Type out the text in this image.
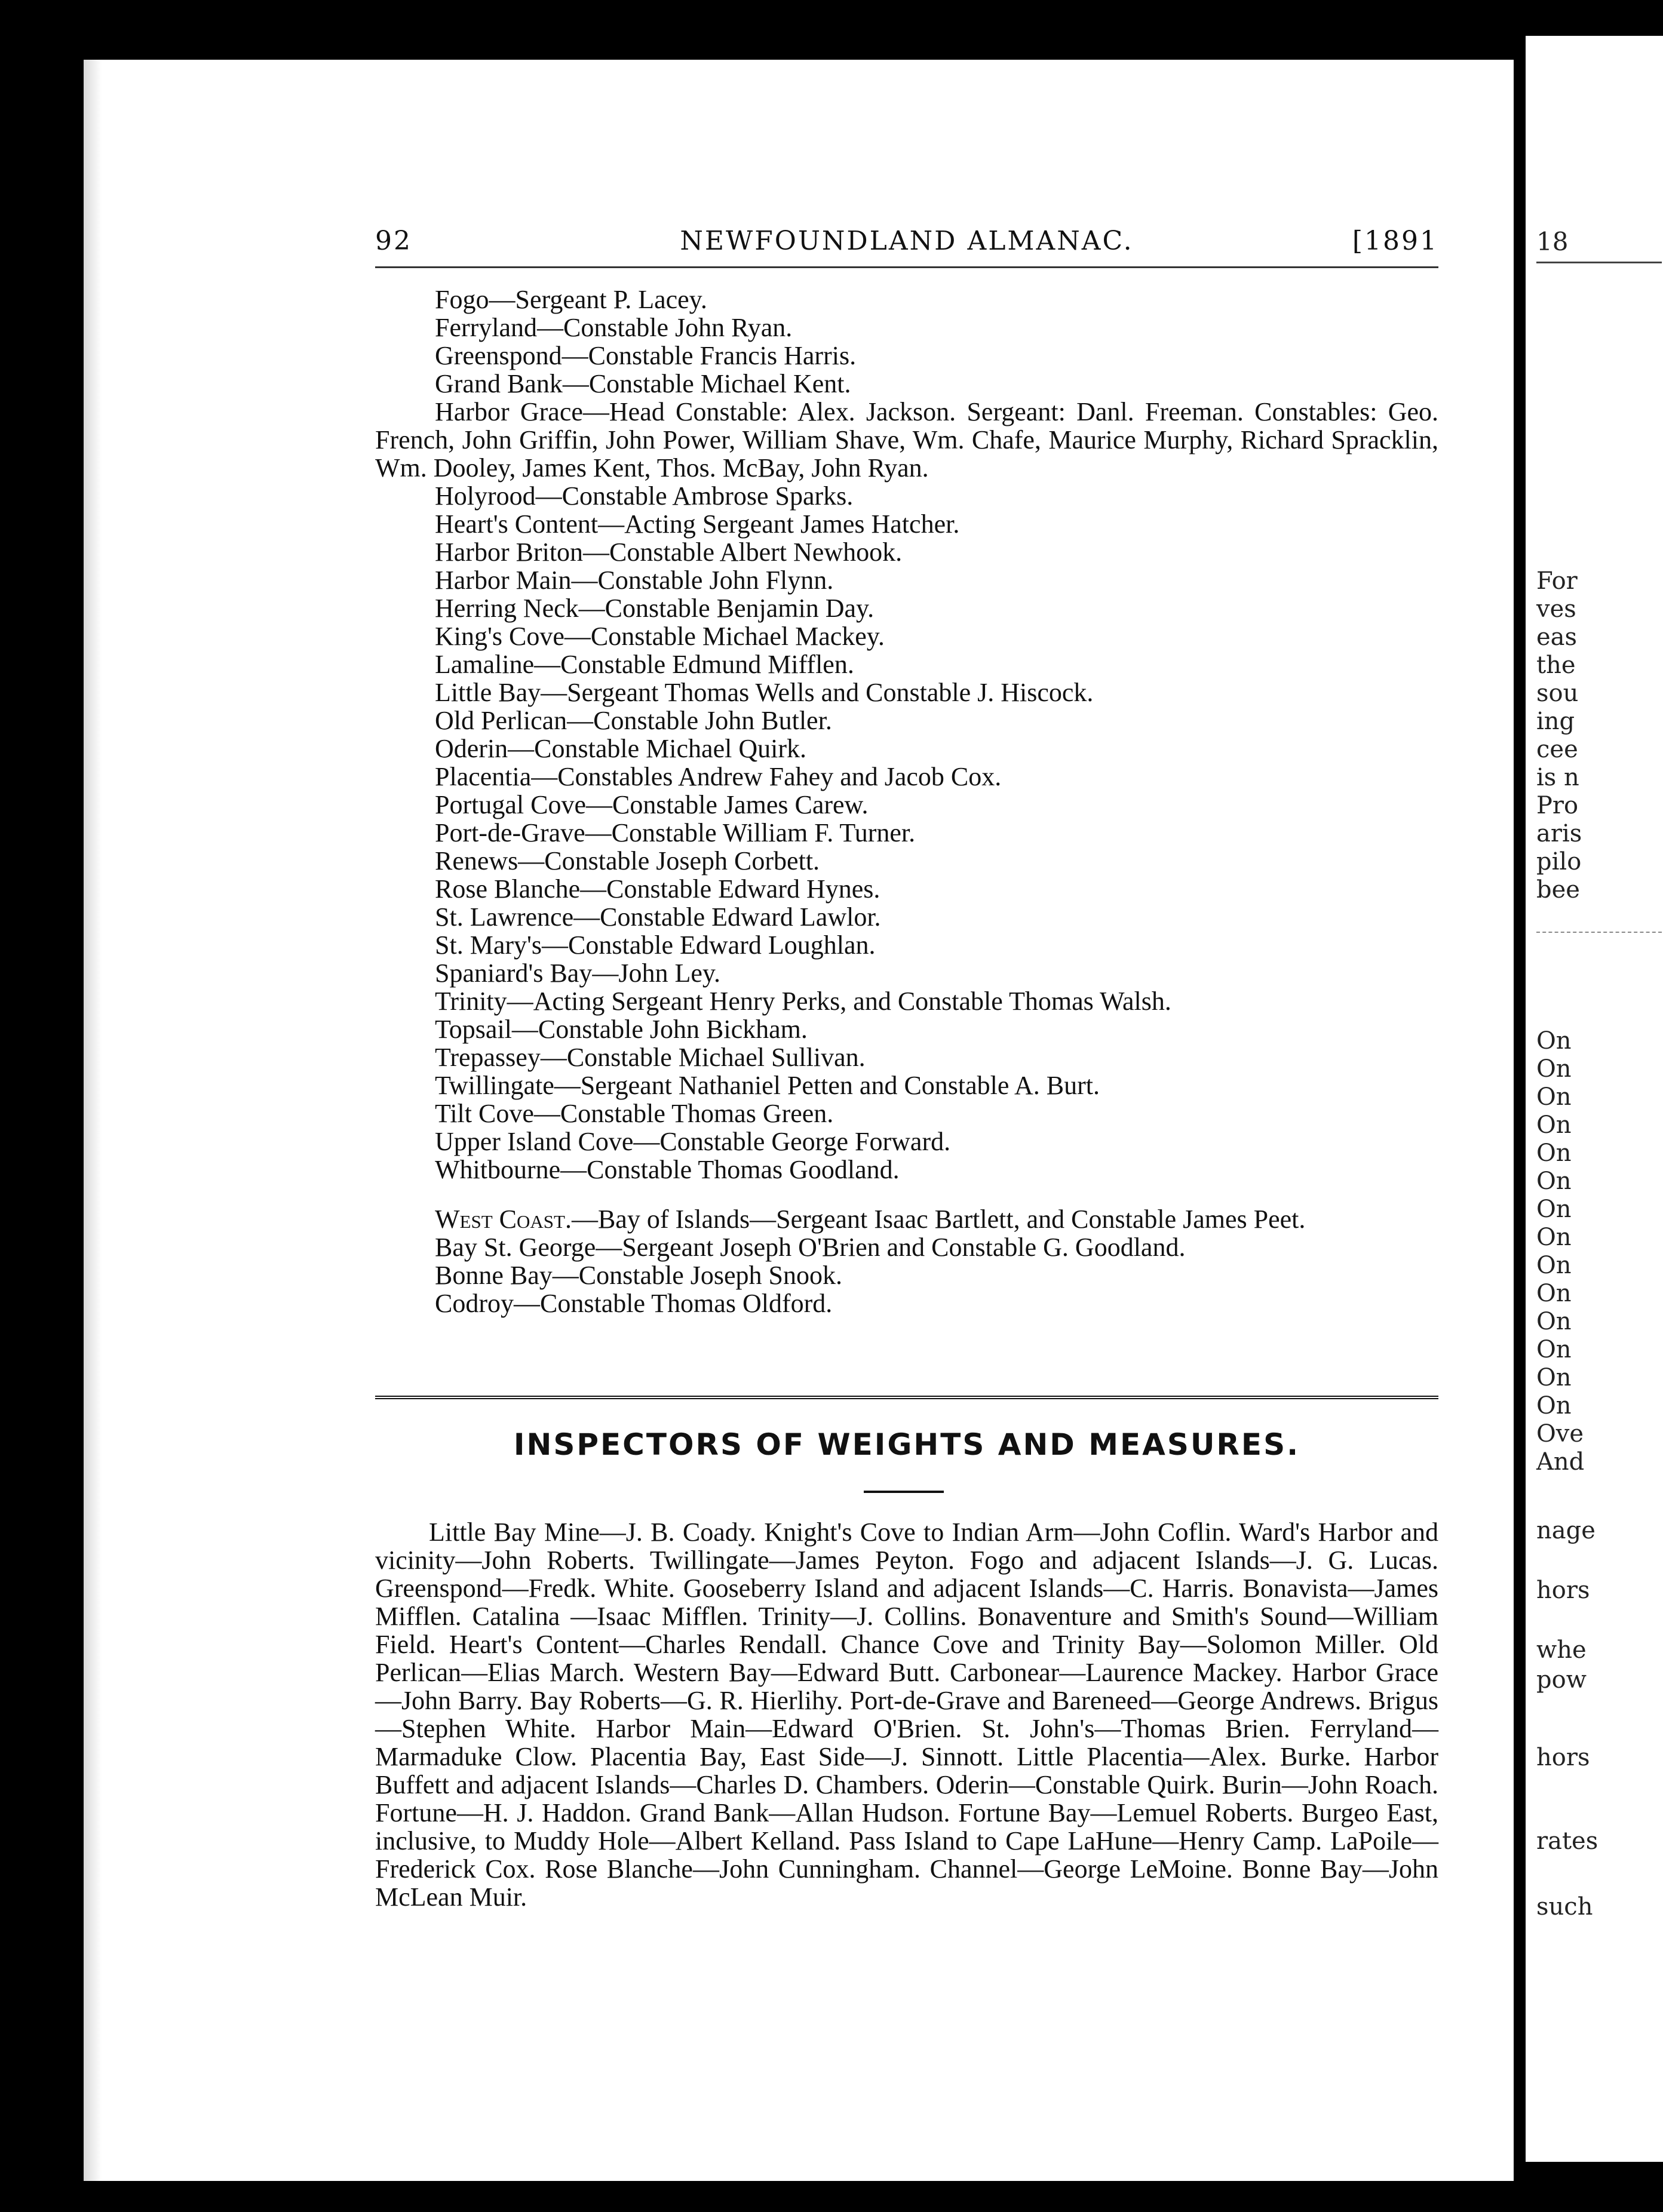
18
For
ves
eas
the
sou
ing
cee
is n
Pro
aris
pilo
bee
On
On
On
On
On
On
On
On
On
On
On
On
On
On
Ove
And
nage
hors
whe
pow
hors
rates
such
92	NEWFOUNDLAND ALMANAC.	[1891
Fogo—Sergeant P. Lacey.
Ferryland—Constable John Ryan.
Greenspond—Constable Francis Harris.
Grand Bank—Constable Michael Kent.
Harbor Grace—Head Constable: Alex. Jackson. Sergeant: Danl. Freeman. Constables: Geo. French, John Griffin, John Power, William Shave, Wm. Chafe, Maurice Murphy, Richard Spracklin, Wm. Dooley, James Kent, Thos. McBay, John Ryan.
Holyrood—Constable Ambrose Sparks.
Heart's Content—Acting Sergeant James Hatcher.
Harbor Briton—Constable Albert Newhook.
Harbor Main—Constable John Flynn.
Herring Neck—Constable Benjamin Day.
King's Cove—Constable Michael Mackey.
Lamaline—Constable Edmund Mifflen.
Little Bay—Sergeant Thomas Wells and Constable J. Hiscock.
Old Perlican—Constable John Butler.
Oderin—Constable Michael Quirk.
Placentia—Constables Andrew Fahey and Jacob Cox.
Portugal Cove—Constable James Carew.
Port-de-Grave—Constable William F. Turner.
Renews—Constable Joseph Corbett.
Rose Blanche—Constable Edward Hynes.
St. Lawrence—Constable Edward Lawlor.
St. Mary's—Constable Edward Loughlan.
Spaniard's Bay—John Ley.
Trinity—Acting Sergeant Henry Perks, and Constable Thomas Walsh.
Topsail—Constable John Bickham.
Trepassey—Constable Michael Sullivan.
Twillingate—Sergeant Nathaniel Petten and Constable A. Burt.
Tilt Cove—Constable Thomas Green.
Upper Island Cove—Constable George Forward.
Whitbourne—Constable Thomas Goodland.
West Coast.—Bay of Islands—Sergeant Isaac Bartlett, and Constable James Peet.
Bay St. George—Sergeant Joseph O'Brien and Constable G. Goodland.
Bonne Bay—Constable Joseph Snook.
Codroy—Constable Thomas Oldford.
INSPECTORS OF WEIGHTS AND MEASURES.

Little Bay Mine—J. B. Coady. Knight's Cove to Indian Arm—John Coflin. Ward's Harbor and vicinity—John Roberts. Twillingate—James Peyton. Fogo and adjacent Islands—J. G. Lucas. Greenspond—Fredk. White. Gooseberry Island and adjacent Islands—C. Harris. Bonavista—James Mifflen. Catalina —Isaac Mifflen. Trinity—J. Collins. Bonaventure and Smith's Sound—William Field. Heart's Content—Charles Rendall. Chance Cove and Trinity Bay—Solomon Miller. Old Perlican—Elias March. Western Bay—Edward Butt. Carbonear—Laurence Mackey. Harbor Grace—John Barry. Bay Roberts—G. R. Hierlihy. Port-de-Grave and Bareneed—George Andrews. Brigus—Stephen White. Harbor Main—Edward O'Brien. St. John's—Thomas Brien. Ferryland—Marmaduke Clow. Placentia Bay, East Side—J. Sinnott. Little Placentia—Alex. Burke. Harbor Buffett and adjacent Islands—Charles D. Chambers. Oderin—Constable Quirk. Burin—John Roach. Fortune—H. J. Haddon. Grand Bank—Allan Hudson. Fortune Bay—Lemuel Roberts. Burgeo East, inclusive, to Muddy Hole—Albert Kelland. Pass Island to Cape LaHune—Henry Camp. LaPoile—Frederick Cox. Rose Blanche—John Cunningham. Channel—George LeMoine. Bonne Bay—John McLean Muir.
